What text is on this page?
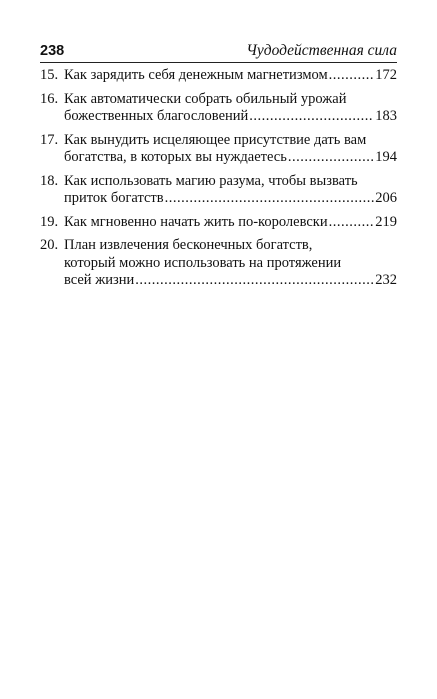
238	Чудодейственная сила
15. Как зарядить себя денежным магнетизмом .....	172
16. Как автоматически собрать обильный урожай
божественных благословений .....	183
17. Как вынудить исцеляющее присутствие дать вам
богатства, в которых вы нуждаетесь .....	194
18. Как использовать магию разума, чтобы вызвать
приток богатств .....	206
19. Как мгновенно начать жить по-королевски .....	219
20. План извлечения бесконечных богатств,
который можно использовать на протяжении
всей жизни .....	232
